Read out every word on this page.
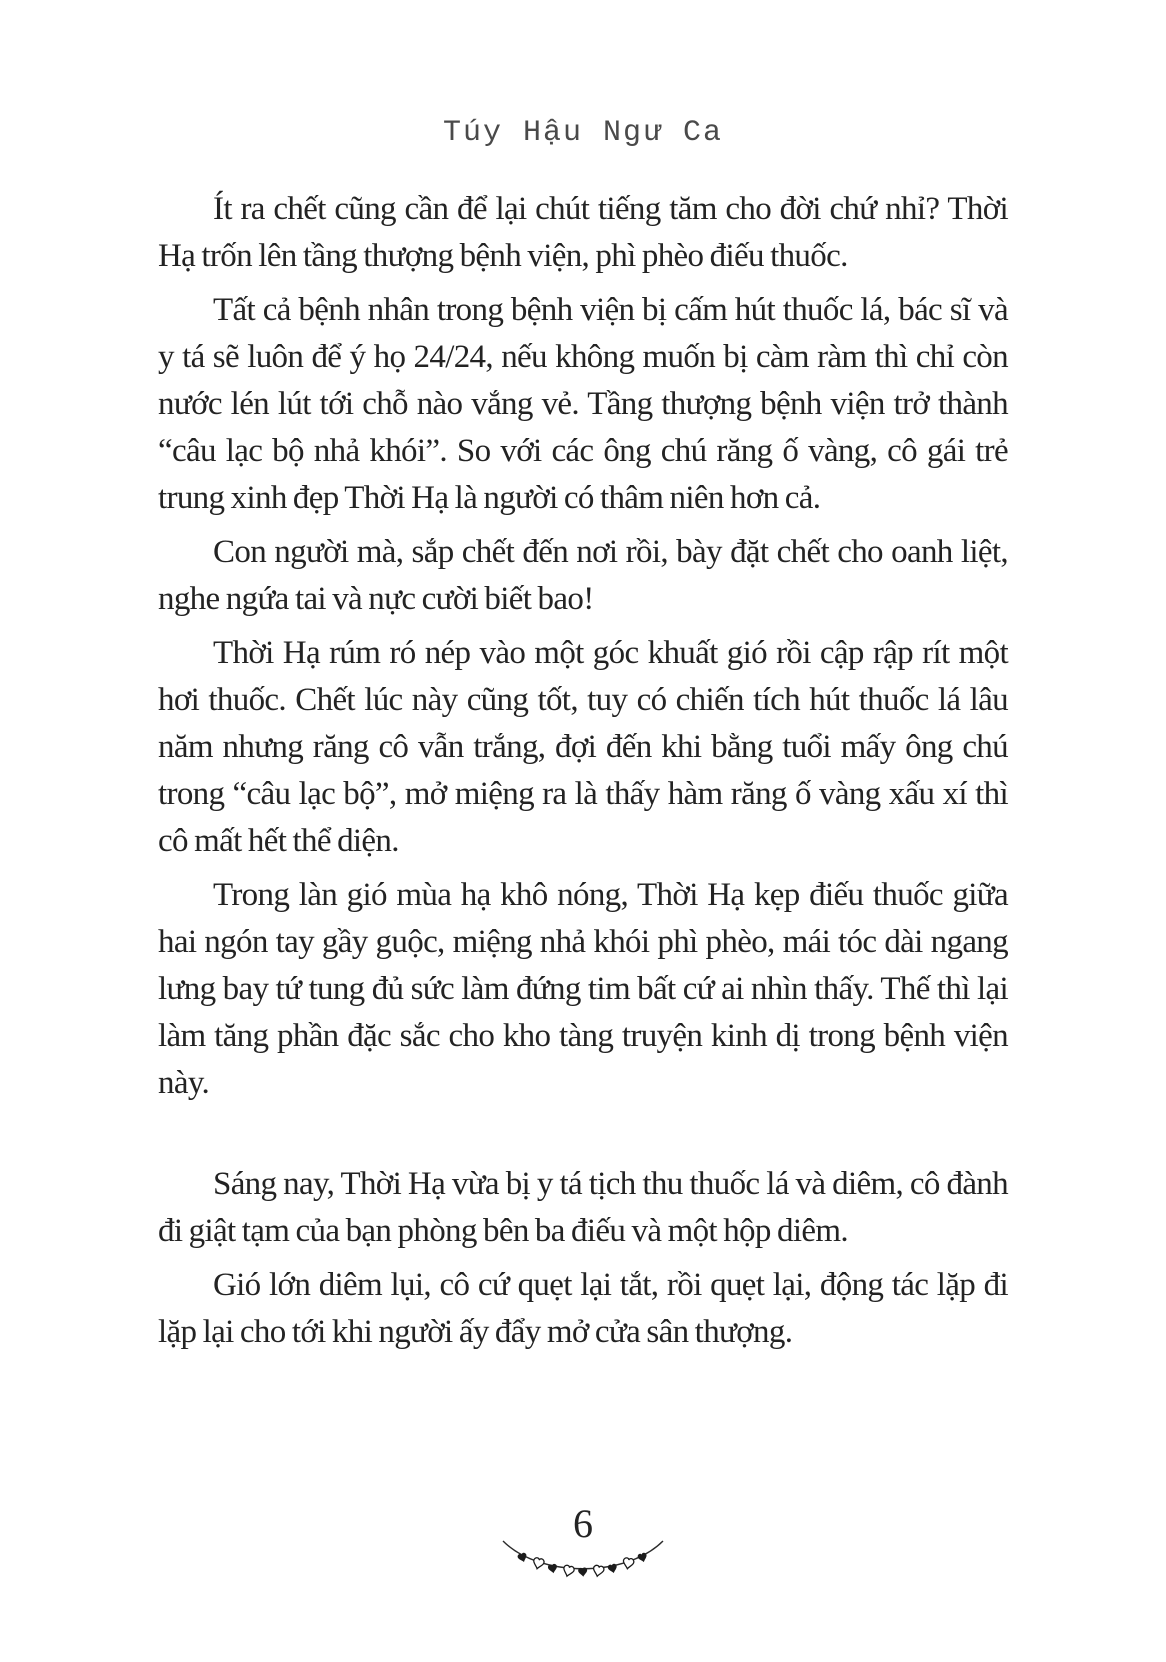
Túy Hậu Ngư Ca

Ít ra chết cũng cần để lại chút tiếng tăm cho đời chứ nhỉ? Thời Hạ trốn lên tầng thượng bệnh viện, phì phèo điếu thuốc.

Tất cả bệnh nhân trong bệnh viện bị cấm hút thuốc lá, bác sĩ và y tá sẽ luôn để ý họ 24/24, nếu không muốn bị càm ràm thì chỉ còn nước lén lút tới chỗ nào vắng vẻ. Tầng thượng bệnh viện trở thành “câu lạc bộ nhả khói”. So với các ông chú răng ố vàng, cô gái trẻ trung xinh đẹp Thời Hạ là người có thâm niên hơn cả.

Con người mà, sắp chết đến nơi rồi, bày đặt chết cho oanh liệt, nghe ngứa tai và nực cười biết bao!

Thời Hạ rúm ró nép vào một góc khuất gió rồi cập rập rít một hơi thuốc. Chết lúc này cũng tốt, tuy có chiến tích hút thuốc lá lâu năm nhưng răng cô vẫn trắng, đợi đến khi bằng tuổi mấy ông chú trong “câu lạc bộ”, mở miệng ra là thấy hàm răng ố vàng xấu xí thì cô mất hết thể diện.

Trong làn gió mùa hạ khô nóng, Thời Hạ kẹp điếu thuốc giữa hai ngón tay gầy guộc, miệng nhả khói phì phèo, mái tóc dài ngang lưng bay tứ tung đủ sức làm đứng tim bất cứ ai nhìn thấy. Thế thì lại làm tăng phần đặc sắc cho kho tàng truyện kinh dị trong bệnh viện này.

Sáng nay, Thời Hạ vừa bị y tá tịch thu thuốc lá và diêm, cô đành đi giật tạm của bạn phòng bên ba điếu và một hộp diêm.

Gió lớn diêm lụi, cô cứ quẹt lại tắt, rồi quẹt lại, động tác lặp đi lặp lại cho tới khi người ấy đẩy mở cửa sân thượng.

6
